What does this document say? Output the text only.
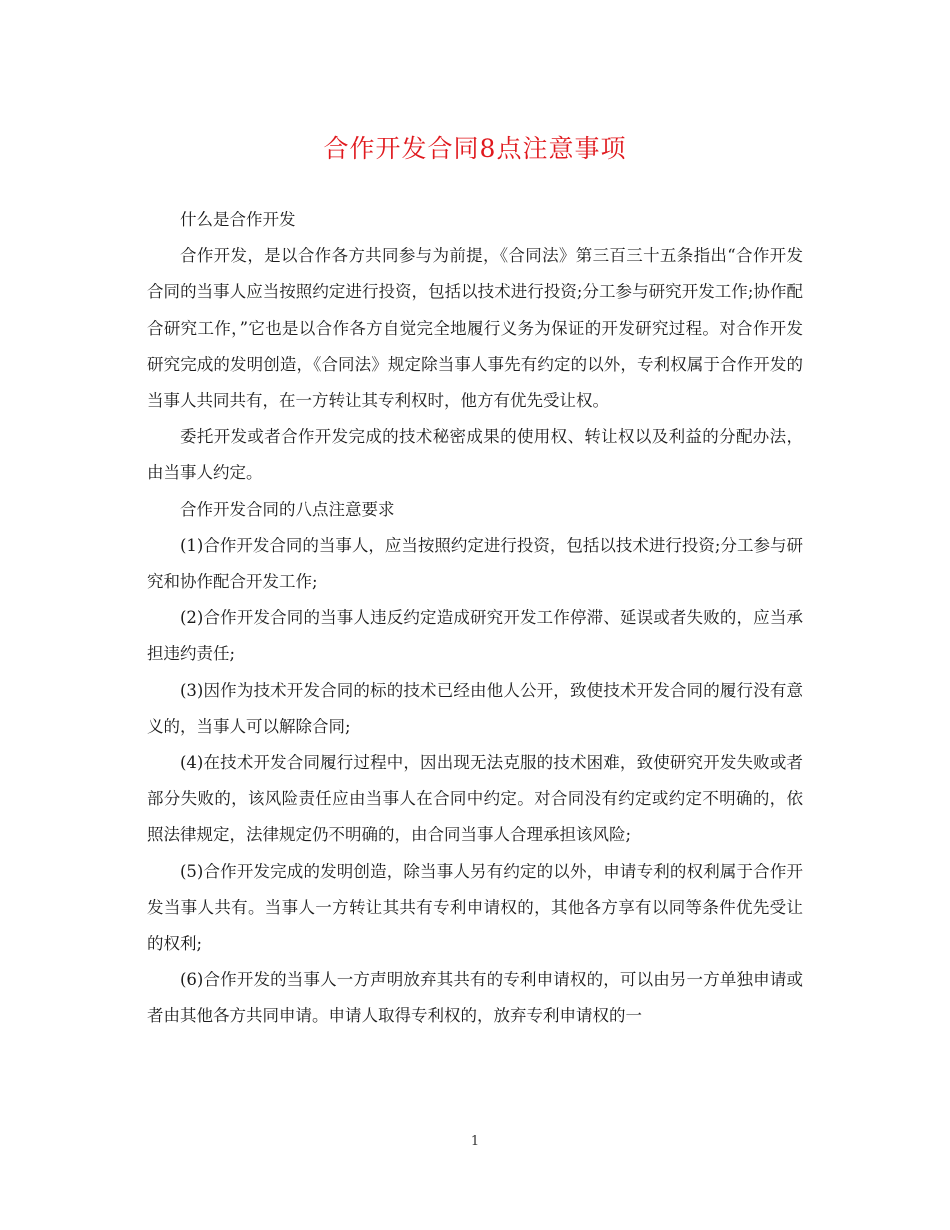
合作开发合同8点注意事项

什么是合作开发

合作开发，是以合作各方共同参与为前提，《合同法》第三百三十五条指出“合作开发合同的当事人应当按照约定进行投资，包括以技术进行投资;分工参与研究开发工作;协作配合研究工作，”它也是以合作各方自觉完全地履行义务为保证的开发研究过程。对合作开发研究完成的发明创造，《合同法》规定除当事人事先有约定的以外，专利权属于合作开发的当事人共同共有，在一方转让其专利权时，他方有优先受让权。

委托开发或者合作开发完成的技术秘密成果的使用权、转让权以及利益的分配办法，由当事人约定。

合作开发合同的八点注意要求

(1)合作开发合同的当事人，应当按照约定进行投资，包括以技术进行投资;分工参与研究和协作配合开发工作;

(2)合作开发合同的当事人违反约定造成研究开发工作停滞、延误或者失败的，应当承担违约责任;

(3)因作为技术开发合同的标的技术已经由他人公开，致使技术开发合同的履行没有意义的，当事人可以解除合同;

(4)在技术开发合同履行过程中，因出现无法克服的技术困难，致使研究开发失败或者部分失败的，该风险责任应由当事人在合同中约定。对合同没有约定或约定不明确的，依照法律规定，法律规定仍不明确的，由合同当事人合理承担该风险;

(5)合作开发完成的发明创造，除当事人另有约定的以外，申请专利的权利属于合作开发当事人共有。当事人一方转让其共有专利申请权的，其他各方享有以同等条件优先受让的权利;

(6)合作开发的当事人一方声明放弃其共有的专利申请权的，可以由另一方单独申请或者由其他各方共同申请。申请人取得专利权的，放弃专利申请权的一

1
